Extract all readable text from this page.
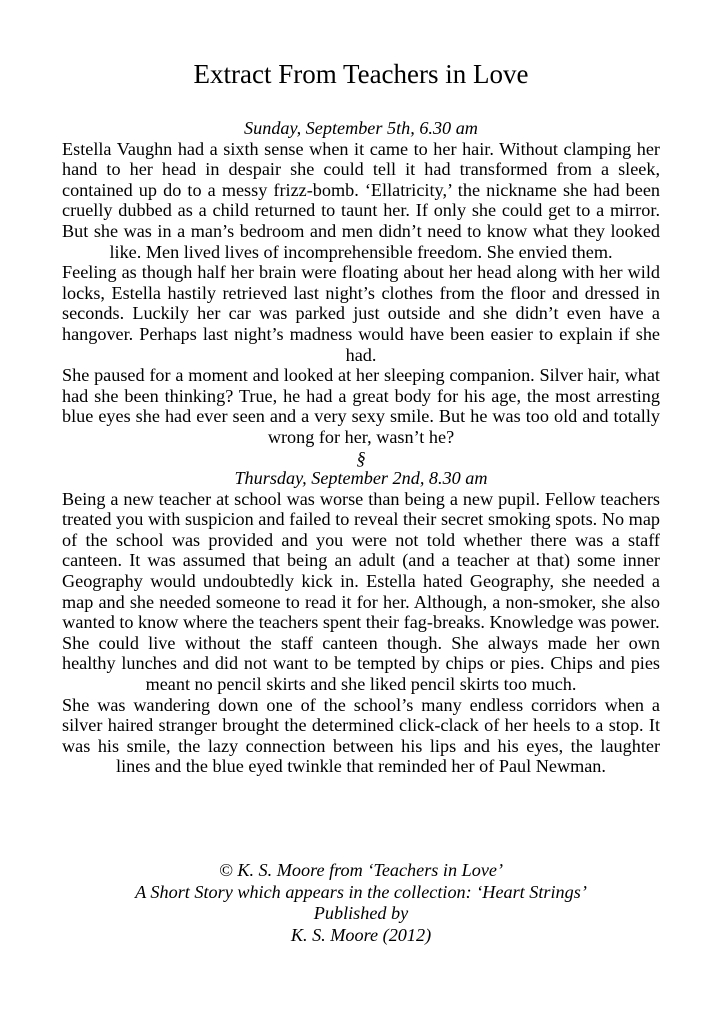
Extract From Teachers in Love

Sunday, September 5th, 6.30 am

Estella Vaughn had a sixth sense when it came to her hair. Without clamping her hand to her head in despair she could tell it had transformed from a sleek, contained up do to a messy frizz-bomb. ‘Ellatricity,’ the nickname she had been cruelly dubbed as a child returned to taunt her. If only she could get to a mirror. But she was in a man’s bedroom and men didn’t need to know what they looked like. Men lived lives of incomprehensible freedom. She envied them.

Feeling as though half her brain were floating about her head along with her wild locks, Estella hastily retrieved last night’s clothes from the floor and dressed in seconds. Luckily her car was parked just outside and she didn’t even have a hangover. Perhaps last night’s madness would have been easier to explain if she had.

She paused for a moment and looked at her sleeping companion. Silver hair, what had she been thinking? True, he had a great body for his age, the most arresting blue eyes she had ever seen and a very sexy smile. But he was too old and totally wrong for her, wasn’t he?

§

Thursday, September 2nd, 8.30 am

Being a new teacher at school was worse than being a new pupil. Fellow teachers treated you with suspicion and failed to reveal their secret smoking spots. No map of the school was provided and you were not told whether there was a staff canteen. It was assumed that being an adult (and a teacher at that) some inner Geography would undoubtedly kick in. Estella hated Geography, she needed a map and she needed someone to read it for her. Although, a non-smoker, she also wanted to know where the teachers spent their fag-breaks. Knowledge was power.

She could live without the staff canteen though. She always made her own healthy lunches and did not want to be tempted by chips or pies. Chips and pies meant no pencil skirts and she liked pencil skirts too much.

She was wandering down one of the school’s many endless corridors when a silver haired stranger brought the determined click-clack of her heels to a stop. It was his smile, the lazy connection between his lips and his eyes, the laughter lines and the blue eyed twinkle that reminded her of Paul Newman.

© K. S. Moore from ‘Teachers in Love’

A Short Story which appears in the collection: ‘Heart Strings’

Published by

K. S. Moore (2012)
